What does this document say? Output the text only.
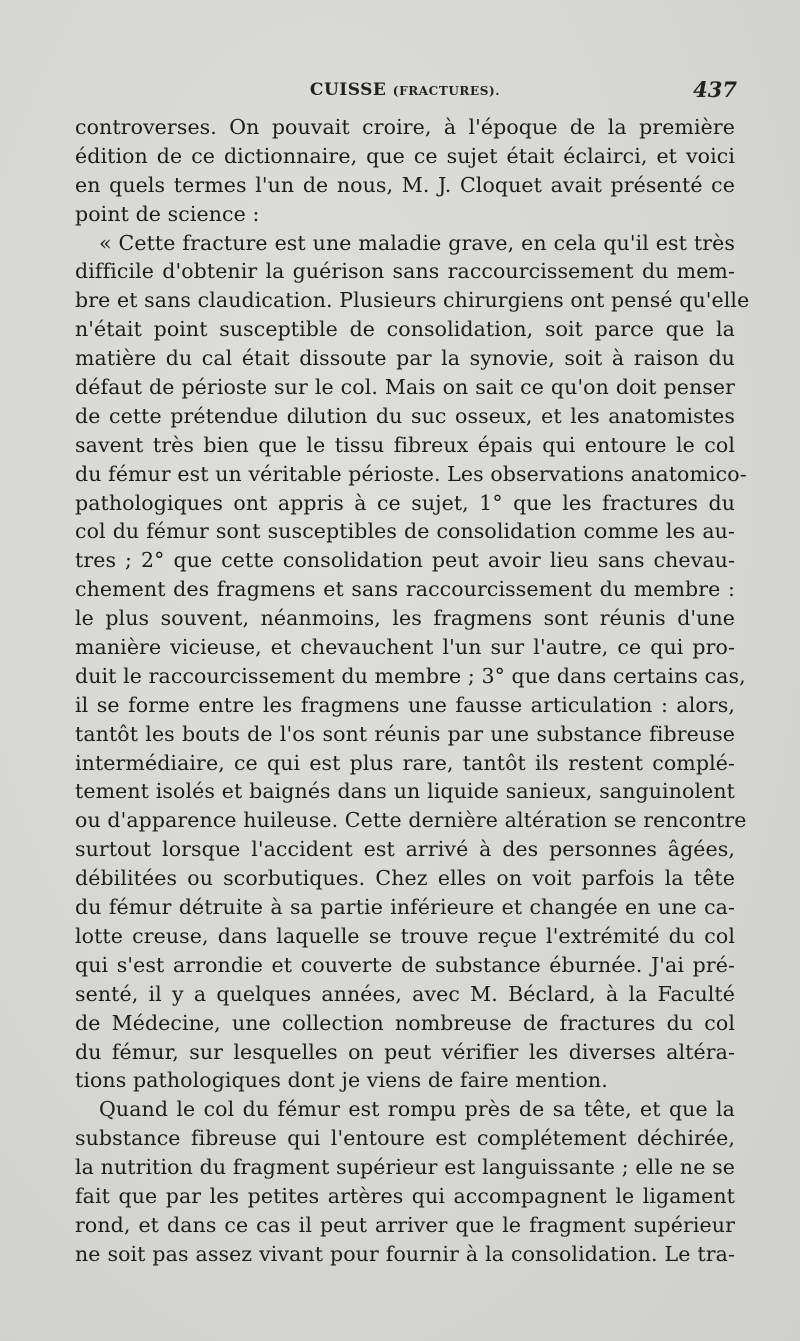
CUISSE (FRACTURES).	437
controverses. On pouvait croire, à l'époque de la première
édition de ce dictionnaire, que ce sujet était éclairci, et voici
en quels termes l'un de nous, M. J. Cloquet avait présenté ce
point de science :
« Cette fracture est une maladie grave, en cela qu'il est très
difficile d'obtenir la guérison sans raccourcissement du mem-
bre et sans claudication. Plusieurs chirurgiens ont pensé qu'elle
n'était point susceptible de consolidation, soit parce que la
matière du cal était dissoute par la synovie, soit à raison du
défaut de périoste sur le col. Mais on sait ce qu'on doit penser
de cette prétendue dilution du suc osseux, et les anatomistes
savent très bien que le tissu fibreux épais qui entoure le col
du fémur est un véritable périoste. Les observations anatomico-
pathologiques ont appris à ce sujet, 1° que les fractures du
col du fémur sont susceptibles de consolidation comme les au-
tres ; 2° que cette consolidation peut avoir lieu sans chevau-
chement des fragmens et sans raccourcissement du membre :
le plus souvent, néanmoins, les fragmens sont réunis d'une
manière vicieuse, et chevauchent l'un sur l'autre, ce qui pro-
duit le raccourcissement du membre ; 3° que dans certains cas,
il se forme entre les fragmens une fausse articulation : alors,
tantôt les bouts de l'os sont réunis par une substance fibreuse
intermédiaire, ce qui est plus rare, tantôt ils restent complé-
tement isolés et baignés dans un liquide sanieux, sanguinolent
ou d'apparence huileuse. Cette dernière altération se rencontre
surtout lorsque l'accident est arrivé à des personnes âgées,
débilitées ou scorbutiques. Chez elles on voit parfois la tête
du fémur détruite à sa partie inférieure et changée en une ca-
lotte creuse, dans laquelle se trouve reçue l'extrémité du col
qui s'est arrondie et couverte de substance éburnée. J'ai pré-
senté, il y a quelques années, avec M. Béclard, à la Faculté
de Médecine, une collection nombreuse de fractures du col
du fémur, sur lesquelles on peut vérifier les diverses altéra-
tions pathologiques dont je viens de faire mention.
Quand le col du fémur est rompu près de sa tête, et que la
substance fibreuse qui l'entoure est complétement déchirée,
la nutrition du fragment supérieur est languissante ; elle ne se
fait que par les petites artères qui accompagnent le ligament
rond, et dans ce cas il peut arriver que le fragment supérieur
ne soit pas assez vivant pour fournir à la consolidation. Le tra-
